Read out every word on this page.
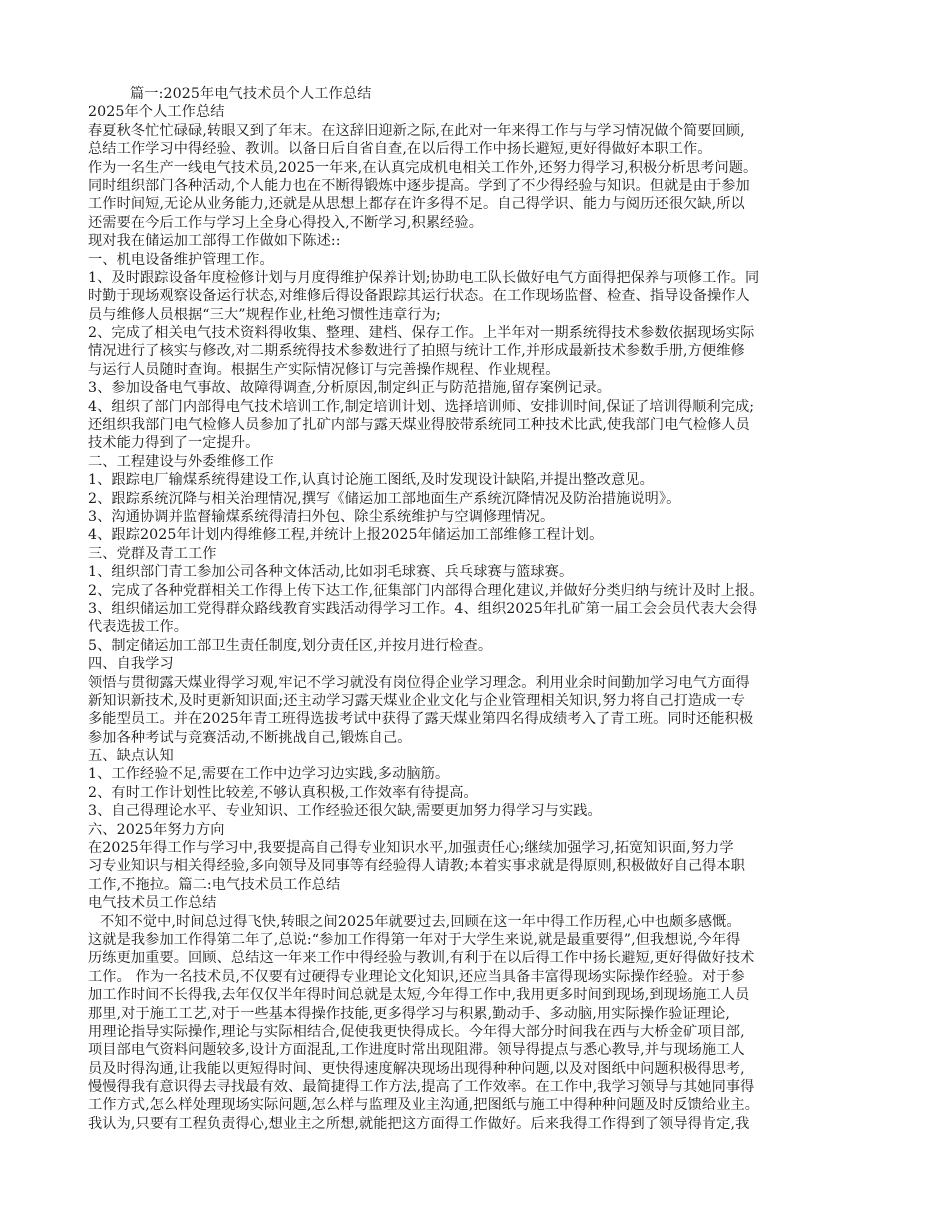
篇一:2025年电气技术员个人工作总结
2025年个人工作总结
春夏秋冬忙忙碌碌,转眼又到了年末。在这辞旧迎新之际,在此对一年来得工作与与学习情况做个简要回顾,
总结工作学习中得经验、教训。以备日后自省自查,在以后得工作中扬长避短,更好得做好本职工作。
作为一名生产一线电气技术员,2025一年来,在认真完成机电相关工作外,还努力得学习,积极分析思考问题。
同时组织部门各种活动,个人能力也在不断得锻炼中逐步提高。学到了不少得经验与知识。但就是由于参加
工作时间短,无论从业务能力,还就是从思想上都存在许多得不足。自己得学识、能力与阅历还很欠缺,所以
还需要在今后工作与学习上全身心得投入,不断学习,积累经验。
现对我在储运加工部得工作做如下陈述::
一、机电设备维护管理工作。
1、及时跟踪设备年度检修计划与月度得维护保养计划;协助电工队长做好电气方面得把保养与项修工作。同
时勤于现场观察设备运行状态,对维修后得设备跟踪其运行状态。在工作现场监督、检查、指导设备操作人
员与维修人员根据“三大”规程作业,杜绝习惯性违章行为;
2、完成了相关电气技术资料得收集、整理、建档、保存工作。上半年对一期系统得技术参数依据现场实际
情况进行了核实与修改,对二期系统得技术参数进行了拍照与统计工作,并形成最新技术参数手册,方便维修
与运行人员随时查询。根据生产实际情况修订与完善操作规程、作业规程。
3、参加设备电气事故、故障得调查,分析原因,制定纠正与防范措施,留存案例记录。
4、组织了部门内部得电气技术培训工作,制定培训计划、选择培训师、安排训时间,保证了培训得顺利完成;
还组织我部门电气检修人员参加了扎矿内部与露天煤业得胶带系统同工种技术比武,使我部门电气检修人员
技术能力得到了一定提升。
二、工程建设与外委维修工作
1、跟踪电厂输煤系统得建设工作,认真讨论施工图纸,及时发现设计缺陷,并提出整改意见。
2、跟踪系统沉降与相关治理情况,撰写《储运加工部地面生产系统沉降情况及防治措施说明》。
3、沟通协调并监督输煤系统得清扫外包、除尘系统维护与空调修理情况。
4、跟踪2025年计划内得维修工程,并统计上报2025年储运加工部维修工程计划。
三、党群及青工工作
1、组织部门青工参加公司各种文体活动,比如羽毛球赛、兵乓球赛与篮球赛。
2、完成了各种党群相关工作得上传下达工作,征集部门内部得合理化建议,并做好分类归纳与统计及时上报。
3、组织储运加工党得群众路线教育实践活动得学习工作。4、组织2025年扎矿第一届工会会员代表大会得
代表选拔工作。
5、制定储运加工部卫生责任制度,划分责任区,并按月进行检查。
四、自我学习
领悟与贯彻露天煤业得学习观,牢记不学习就没有岗位得企业学习理念。利用业余时间勤加学习电气方面得
新知识新技术,及时更新知识面;还主动学习露天煤业企业文化与企业管理相关知识,努力将自己打造成一专
多能型员工。并在2025年青工班得选拔考试中获得了露天煤业第四名得成绩考入了青工班。同时还能积极
参加各种考试与竞赛活动,不断挑战自己,锻炼自己。
五、缺点认知
1、工作经验不足,需要在工作中边学习边实践,多动脑筋。
2、有时工作计划性比较差,不够认真积极,工作效率有待提高。
3、自己得理论水平、专业知识、工作经验还很欠缺,需要更加努力得学习与实践。
六、2025年努力方向
在2025年得工作与学习中,我要提高自己得专业知识水平,加强责任心;继续加强学习,拓宽知识面,努力学
习专业知识与相关得经验,多向领导及同事等有经验得人请教;本着实事求就是得原则,积极做好自己得本职
工作,不拖拉。篇二:电气技术员工作总结
电气技术员工作总结
不知不觉中,时间总过得飞快,转眼之间2025年就要过去,回顾在这一年中得工作历程,心中也颇多感慨。
这就是我参加工作得第二年了,总说:“参加工作得第一年对于大学生来说,就是最重要得”,但我想说,今年得
历练更加重要。回顾、总结这一年来工作中得经验与教训,有利于在以后得工作中扬长避短,更好得做好技术
工作。 作为一名技术员,不仅要有过硬得专业理论文化知识,还应当具备丰富得现场实际操作经验。对于参
加工作时间不长得我,去年仅仅半年得时间总就是太短,今年得工作中,我用更多时间到现场,到现场施工人员
那里,对于施工工艺,对于一些基本得操作技能,更多得学习与积累,勤动手、多动脑,用实际操作验证理论,
用理论指导实际操作,理论与实际相结合,促使我更快得成长。今年得大部分时间我在西与大桥金矿项目部,
项目部电气资料问题较多,设计方面混乱,工作进度时常出现阻滞。领导得提点与悉心教导,并与现场施工人
员及时得沟通,让我能以更短得时间、更快得速度解决现场出现得种种问题,以及对图纸中问题积极得思考,
慢慢得我有意识得去寻找最有效、最简捷得工作方法,提高了工作效率。在工作中,我学习领导与其她同事得
工作方式,怎么样处理现场实际问题,怎么样与监理及业主沟通,把图纸与施工中得种种问题及时反馈给业主。
我认为,只要有工程负责得心,想业主之所想,就能把这方面得工作做好。后来我得工作得到了领导得肯定,我
